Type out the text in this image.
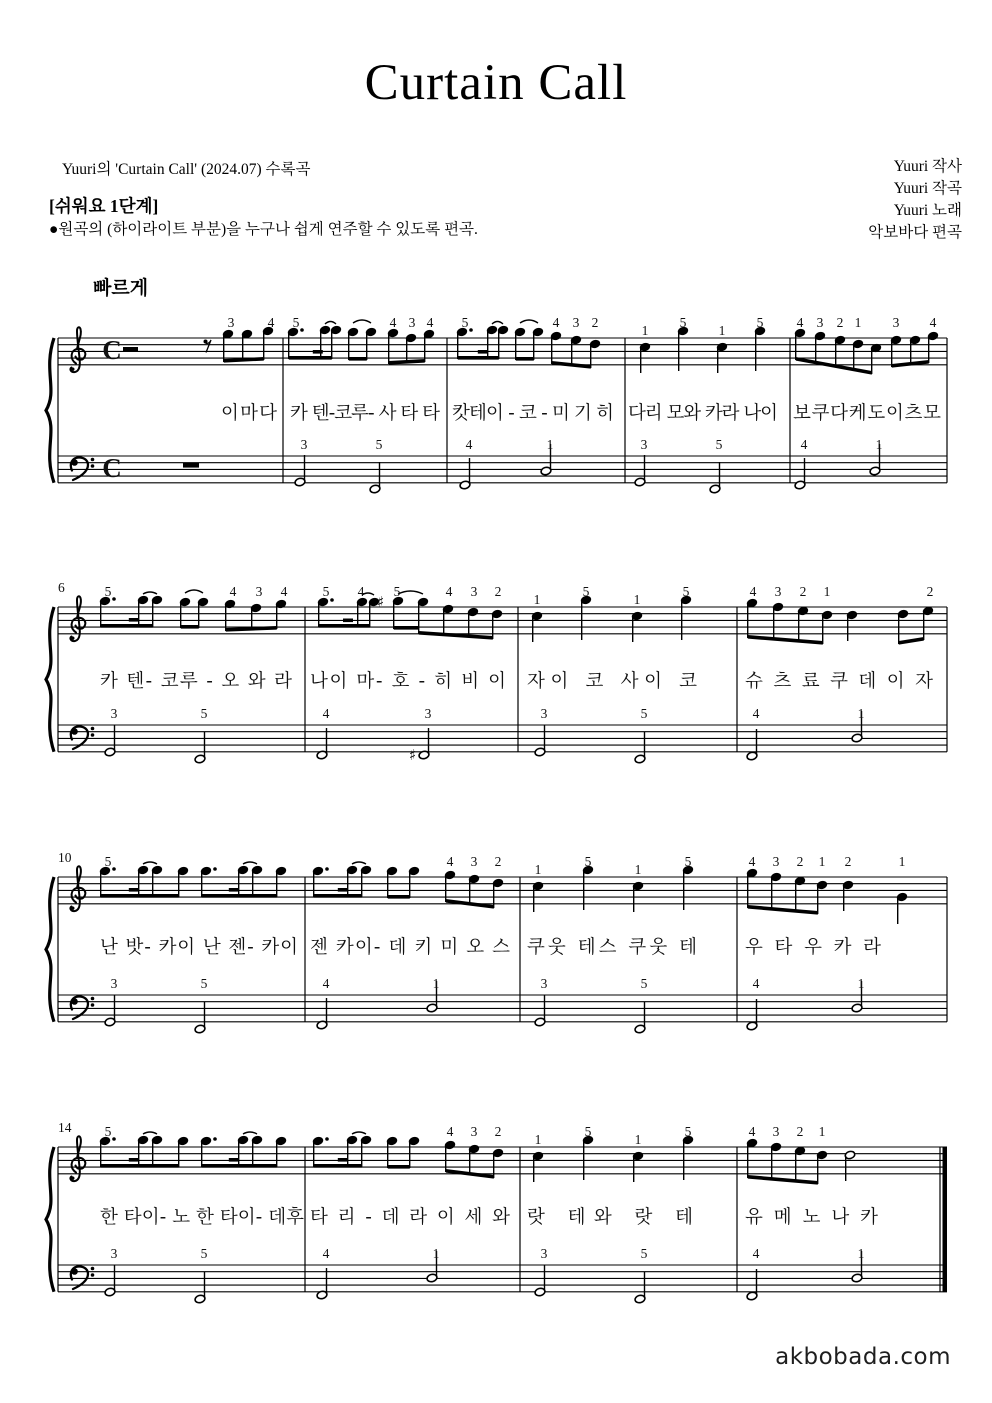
Curtain Call
Yuuri의 'Curtain Call' (2024.07) 수록곡
[쉬워요 1단계]
●원곡의 (하이라이트 부분)을 누구나 쉽게 연주할 수 있도록 편곡.
Yuuri 작사
Yuuri 작곡
Yuuri 노래
악보바다 편곡
빠르게
C
C
3	5	4	1	3	5	4	1
3 4 5	4 3 4 5	4 3 2
1
5
1
5 4 3 2 1 3 4
이 마 다 카 텐-코루- 사 타 타 캇테이 - 코 - 미 기 히 다리 모와 카라 나이 보 쿠 다 케 도 이 츠 모
6
♯
♯
3	5	4	3	3	5	4	1
5	4 3 4	5 4 5	4 3 2
1
5
1
5	4 3 2 1	2
카 텐- 코루 - 오 와 라 나이 마- 호 - 히 비 이 자이 코 사이 코	슈 츠 료 쿠 데 이 자
10
3	5	4	1	3	5	4	1
5	4 3 2
1
5
1
5	4 3 2 1 2	1
난 밧- 카이 난 젠- 카이 젠 카이- 데 키 미 오 스 쿠웃 테스 쿠웃 테	우 타 우 카 라
14
3	5	4	1	3	5	4	1
5	4 3 2
1
5
1
5	4 3 2 1
한 타이- 노 한 타이- 데후 타 리 - 데 라 이 세 와 랏 테와 랏 테	유 메 노 나 카
akbobada.com
